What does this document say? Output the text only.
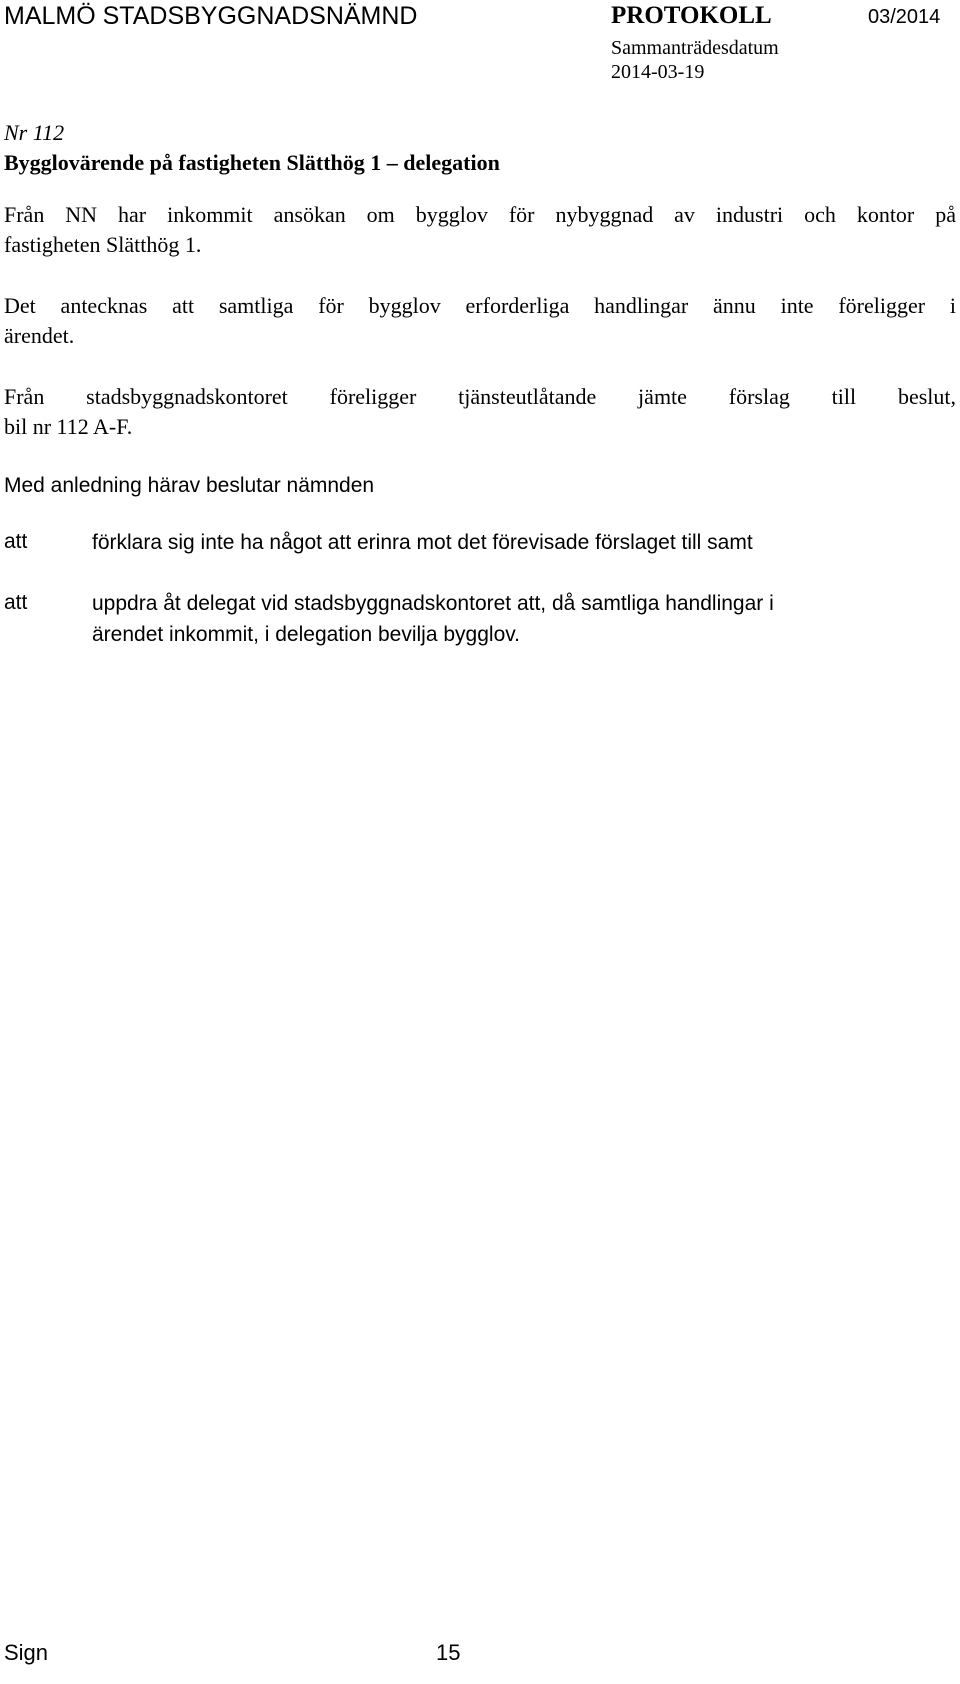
MALMÖ STADSBYGGNADSNÄMND	PROTOKOLL	03/2014
Sammanträdesdatum
2014-03-19
Nr 112
Bygglovärende på fastigheten Slätthög 1 – delegation
Från NN har inkommit ansökan om bygglov för nybyggnad av industri och kontor på
fastigheten Slätthög 1.
Det antecknas att samtliga för bygglov erforderliga handlingar ännu inte föreligger i
ärendet.
Från stadsbyggnadskontoret föreligger tjänsteutlåtande jämte förslag till beslut,
bil nr 112 A-F.
Med anledning härav beslutar nämnden
att	förklara sig inte ha något att erinra mot det förevisade förslaget till samt
att	uppdra åt delegat vid stadsbyggnadskontoret att, då samtliga handlingar i
ärendet inkommit, i delegation bevilja bygglov.
Sign	15
